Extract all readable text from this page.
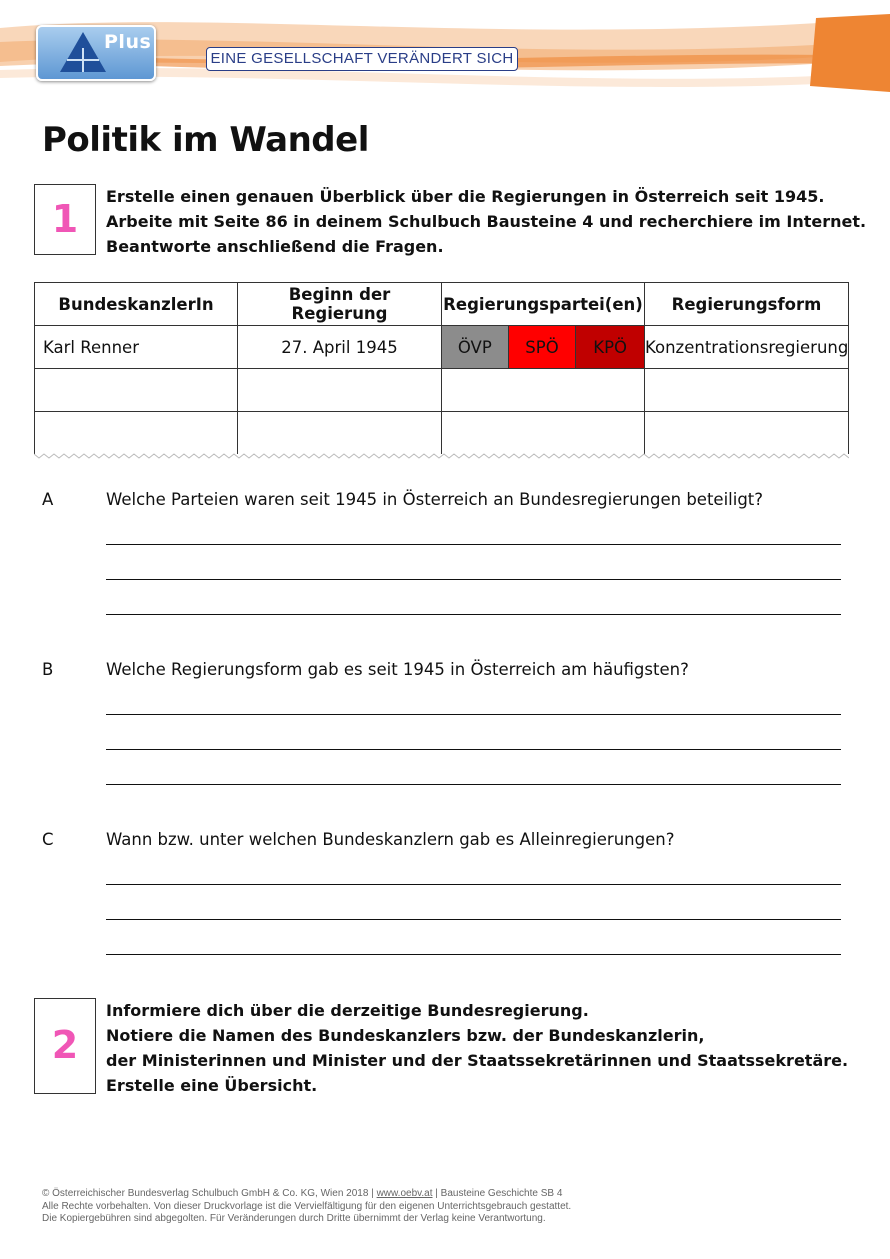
Plus
EINE GESELLSCHAFT VERÄNDERT SICH
Politik im Wandel
1
Erstelle einen genauen Überblick über die Regierungen in Österreich seit 1945.
Arbeite mit Seite 86 in deinem Schulbuch Bausteine 4 und recherchiere im Internet.
Beantworte anschließend die Fragen.
BundeskanzlerIn	Beginn der Regierung	Regierungspartei(en)	Regierungsform
Karl Renner	27. April 1945	ÖVP SPÖ KPÖ	Konzentrationsregierung

A	Welche Parteien waren seit 1945 in Österreich an Bundesregierungen beteiligt?
B	Welche Regierungsform gab es seit 1945 in Österreich am häufigsten?
C	Wann bzw. unter welchen Bundeskanzlern gab es Alleinregierungen?
2
Informiere dich über die derzeitige Bundesregierung.
Notiere die Namen des Bundeskanzlers bzw. der Bundeskanzlerin,
der Ministerinnen und Minister und der Staatssekretärinnen und Staatssekretäre.
Erstelle eine Übersicht.
© Österreichischer Bundesverlag Schulbuch GmbH & Co. KG, Wien 2018 | www.oebv.at | Bausteine Geschichte SB 4
Alle Rechte vorbehalten. Von dieser Druckvorlage ist die Vervielfältigung für den eigenen Unterrichtsgebrauch gestattet.
Die Kopiergebühren sind abgegolten. Für Veränderungen durch Dritte übernimmt der Verlag keine Verantwortung.
